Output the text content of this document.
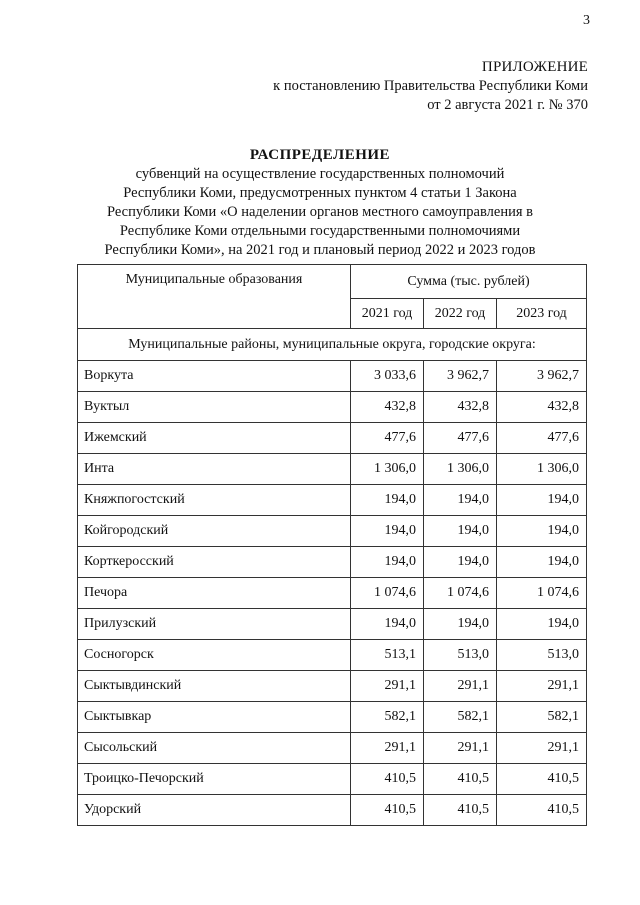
3
ПРИЛОЖЕНИЕ
к постановлению Правительства Республики Коми
от 2 августа 2021 г. № 370
РАСПРЕДЕЛЕНИЕ
субвенций на осуществление государственных полномочий
Республики Коми, предусмотренных пунктом 4 статьи 1 Закона
Республики Коми «О наделении органов местного самоуправления в
Республике Коми отдельными государственными полномочиями
Республики Коми», на 2021 год и плановый период 2022 и 2023 годов
Муниципальные образования	Сумма (тыс. рублей)		
	2021 год	2022 год	2023 год
Муниципальные районы, муниципальные округа, городские округа:			
Воркута	3 033,6	3 962,7	3 962,7
Вуктыл	432,8	432,8	432,8
Ижемский	477,6	477,6	477,6
Инта	1 306,0	1 306,0	1 306,0
Княжпогостский	194,0	194,0	194,0
Койгородский	194,0	194,0	194,0
Корткеросский	194,0	194,0	194,0
Печора	1 074,6	1 074,6	1 074,6
Прилузский	194,0	194,0	194,0
Сосногорск	513,1	513,0	513,0
Сыктывдинский	291,1	291,1	291,1
Сыктывкар	582,1	582,1	582,1
Сысольский	291,1	291,1	291,1
Троицко-Печорский	410,5	410,5	410,5
Удорский	410,5	410,5	410,5
